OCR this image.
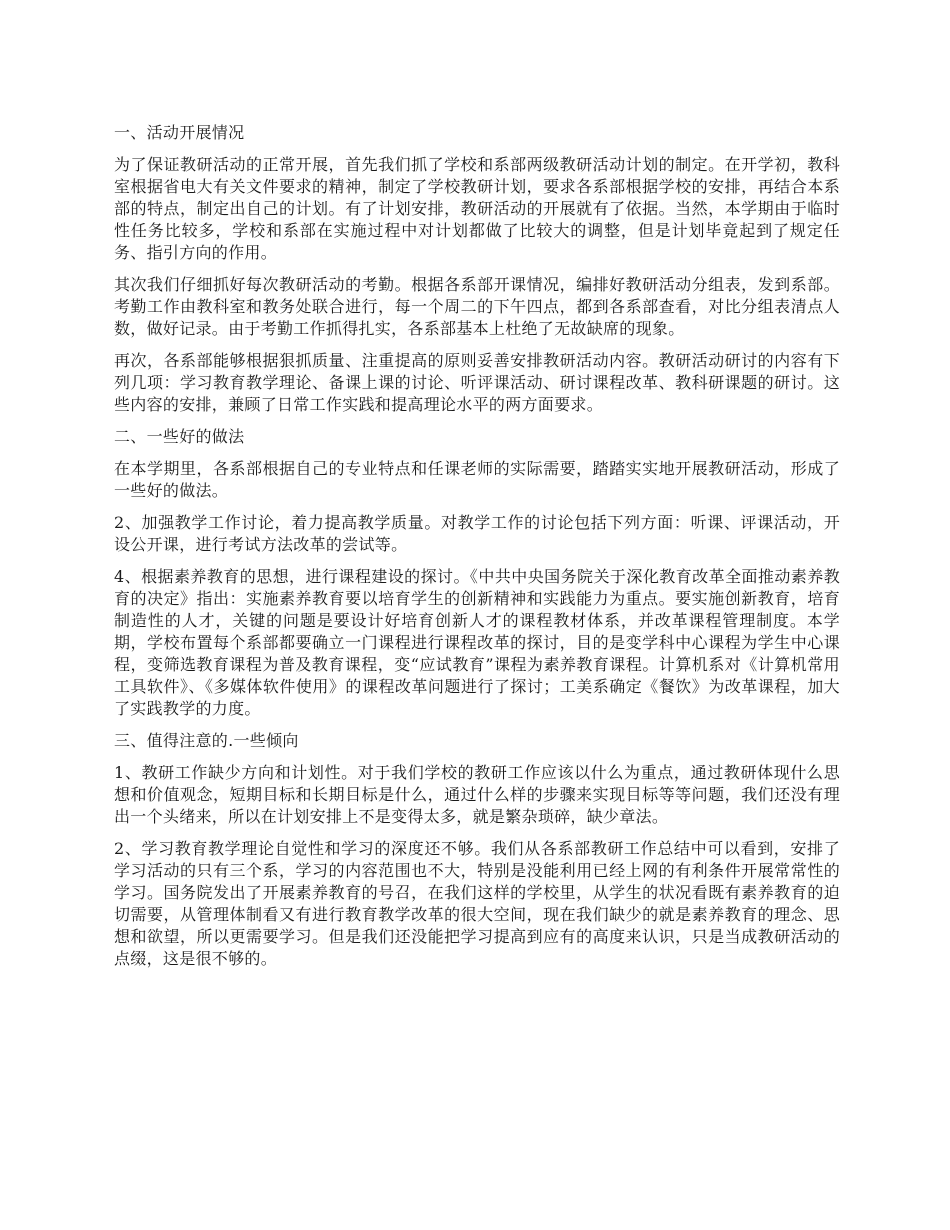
一、活动开展情况
为了保证教研活动的正常开展，首先我们抓了学校和系部两级教研活动计划的制定。在开学初，教科室根据省电大有关文件要求的精神，制定了学校教研计划，要求各系部根据学校的安排，再结合本系部的特点，制定出自己的计划。有了计划安排，教研活动的开展就有了依据。当然，本学期由于临时性任务比较多，学校和系部在实施过程中对计划都做了比较大的调整，但是计划毕竟起到了规定任务、指引方向的作用。
其次我们仔细抓好每次教研活动的考勤。根据各系部开课情况，编排好教研活动分组表，发到系部。考勤工作由教科室和教务处联合进行，每一个周二的下午四点，都到各系部查看，对比分组表清点人数，做好记录。由于考勤工作抓得扎实，各系部基本上杜绝了无故缺席的现象。
再次，各系部能够根据狠抓质量、注重提高的原则妥善安排教研活动内容。教研活动研讨的内容有下列几项：学习教育教学理论、备课上课的讨论、听评课活动、研讨课程改革、教科研课题的研讨。这些内容的安排，兼顾了日常工作实践和提高理论水平的两方面要求。
二、一些好的做法
在本学期里，各系部根据自己的专业特点和任课老师的实际需要，踏踏实实地开展教研活动，形成了一些好的做法。
2、加强教学工作讨论，着力提高教学质量。对教学工作的讨论包括下列方面：听课、评课活动，开设公开课，进行考试方法改革的尝试等。
4、根据素养教育的思想，进行课程建设的探讨。《中共中央国务院关于深化教育改革全面推动素养教育的决定》指出：实施素养教育要以培育学生的创新精神和实践能力为重点。要实施创新教育，培育制造性的人才，关键的问题是要设计好培育创新人才的课程教材体系，并改革课程管理制度。本学期，学校布置每个系部都要确立一门课程进行课程改革的探讨，目的是变学科中心课程为学生中心课程，变筛选教育课程为普及教育课程，变“应试教育”课程为素养教育课程。计算机系对《计算机常用工具软件》、《多媒体软件使用》的课程改革问题进行了探讨；工美系确定《餐饮》为改革课程，加大了实践教学的力度。
三、值得注意的.一些倾向
1、教研工作缺少方向和计划性。对于我们学校的教研工作应该以什么为重点，通过教研体现什么思想和价值观念，短期目标和长期目标是什么，通过什么样的步骤来实现目标等等问题，我们还没有理出一个头绪来，所以在计划安排上不是变得太多，就是繁杂琐碎，缺少章法。
2、学习教育教学理论自觉性和学习的深度还不够。我们从各系部教研工作总结中可以看到，安排了学习活动的只有三个系，学习的内容范围也不大，特别是没能利用已经上网的有利条件开展常常性的学习。国务院发出了开展素养教育的号召，在我们这样的学校里，从学生的状况看既有素养教育的迫切需要，从管理体制看又有进行教育教学改革的很大空间，现在我们缺少的就是素养教育的理念、思想和欲望，所以更需要学习。但是我们还没能把学习提高到应有的高度来认识，只是当成教研活动的点缀，这是很不够的。
